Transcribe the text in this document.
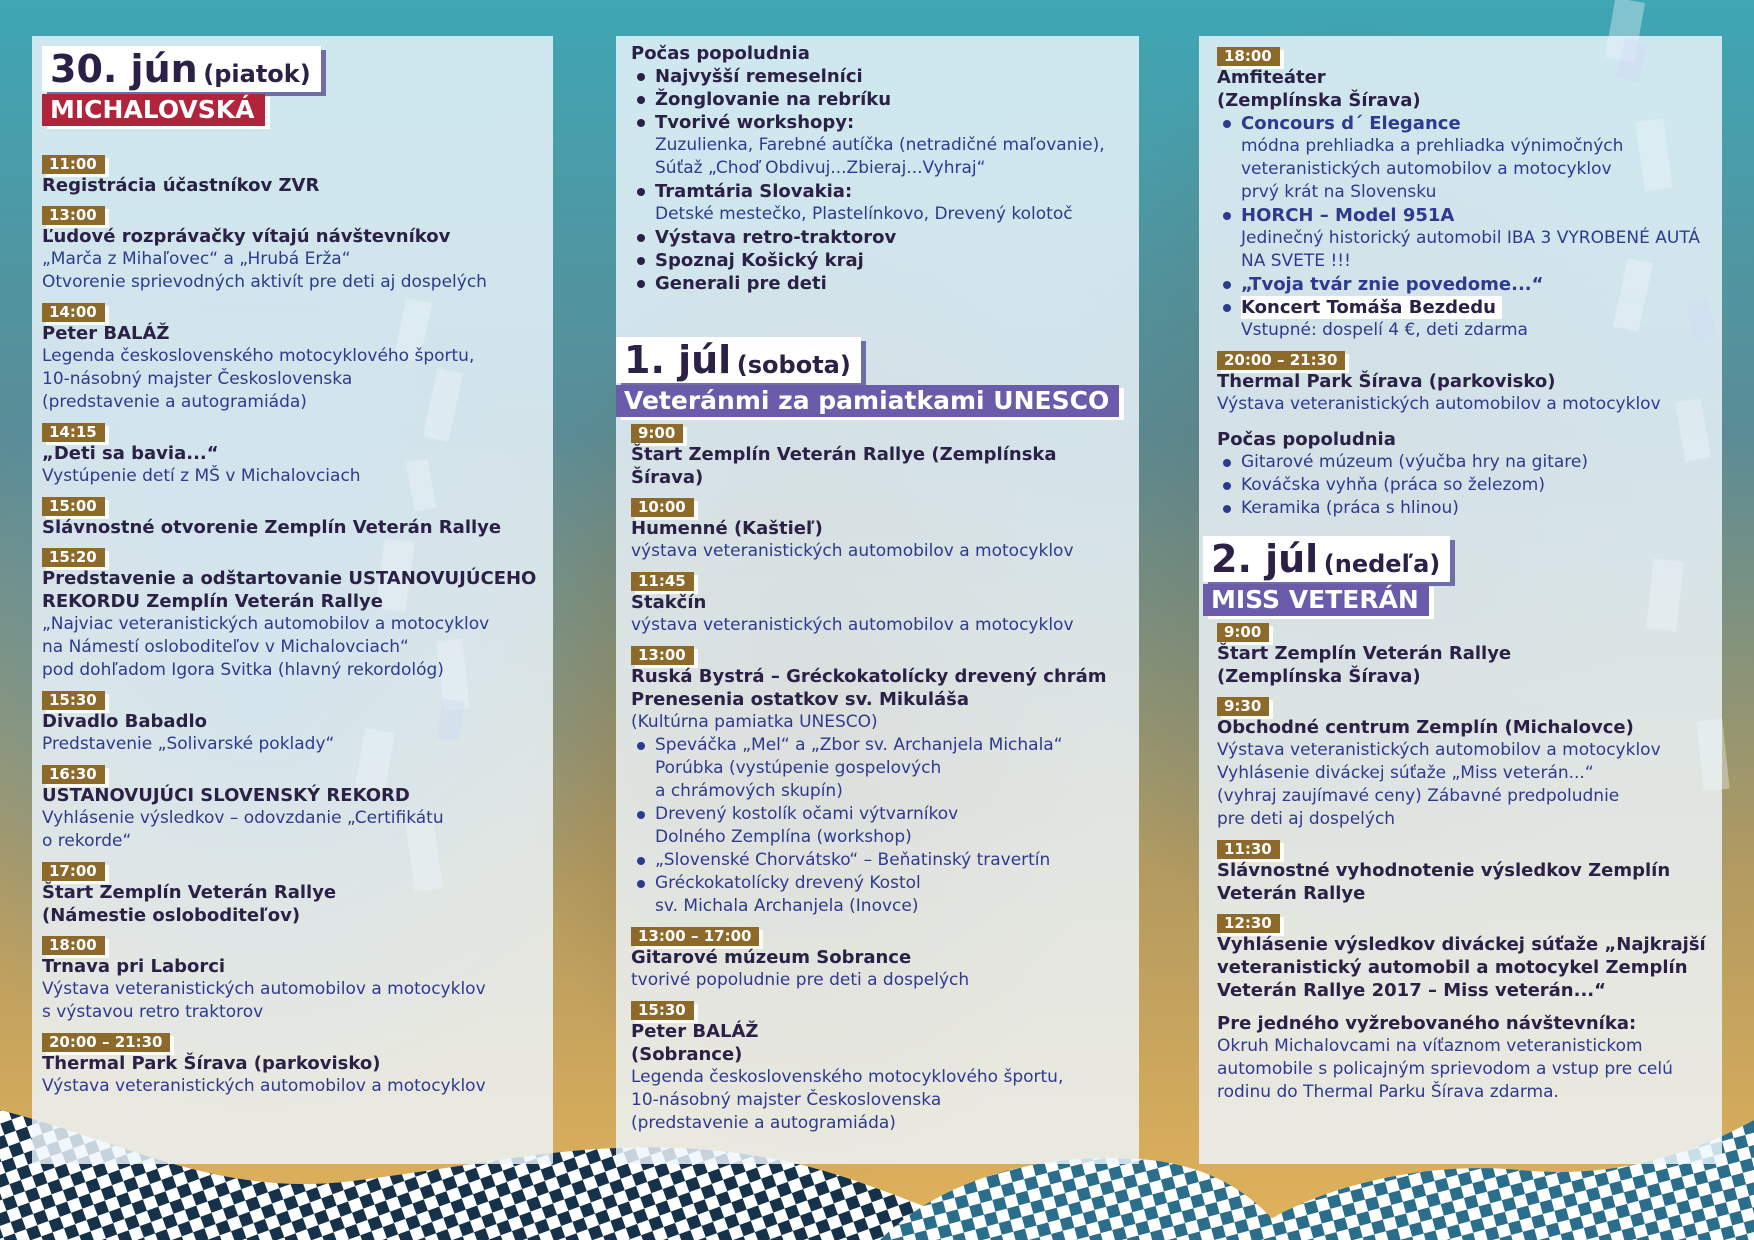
30. jún (piatok)
MICHALOVSKÁ
11:00
Registrácia účastníkov ZVR
13:00
Ľudové rozprávačky vítajú návštevníkov
„Marča z Mihaľovec“ a „Hrubá Erža“
Otvorenie sprievodných aktivít pre deti aj dospelých
14:00
Peter BALÁŽ
Legenda československého motocyklového športu,
10-násobný majster Československa
(predstavenie a autogramiáda)
14:15
„Deti sa bavia...“
Vystúpenie detí z MŠ v Michalovciach
15:00
Slávnostné otvorenie Zemplín Veterán Rallye
15:20
Predstavenie a odštartovanie USTANOVUJÚCEHO
REKORDU Zemplín Veterán Rallye
„Najviac veteranistických automobilov a motocyklov
na Námestí osloboditeľov v Michalovciach“
pod dohľadom Igora Svitka (hlavný rekordológ)
15:30
Divadlo Babadlo
Predstavenie „Solivarské poklady“
16:30
USTANOVUJÚCI SLOVENSKÝ REKORD
Vyhlásenie výsledkov – odovzdanie „Certifikátu
o rekorde“
17:00
Štart Zemplín Veterán Rallye
(Námestie osloboditeľov)
18:00
Trnava pri Laborci
Výstava veteranistických automobilov a motocyklov
s výstavou retro traktorov
20:00 – 21:30
Thermal Park Šírava (parkovisko)
Výstava veteranistických automobilov a motocyklov
Počas popoludnia
Najvyšší remeselníci
Žonglovanie na rebríku
Tvorivé workshopy:
Zuzulienka, Farebné autíčka (netradičné maľovanie),
Súťaž „Choď Obdivuj...Zbieraj...Vyhraj“
Tramtária Slovakia:
Detské mestečko, Plastelínkovo, Drevený kolotoč
Výstava retro-traktorov
Spoznaj Košický kraj
Generali pre deti
1. júl (sobota)
Veteránmi za pamiatkami UNESCO
9:00
Štart Zemplín Veterán Rallye (Zemplínska Šírava)
10:00
Humenné (Kaštieľ)
výstava veteranistických automobilov a motocyklov
11:45
Stakčín
výstava veteranistických automobilov a motocyklov
13:00
Ruská Bystrá – Gréckokatolícky drevený chrám
Prenesenia ostatkov sv. Mikuláša
(Kultúrna pamiatka UNESCO)
Speváčka „Mel“ a „Zbor sv. Archanjela Michala“
Porúbka (vystúpenie gospelových
a chrámových skupín)
Drevený kostolík očami výtvarníkov
Dolného Zemplína (workshop)
„Slovenské Chorvátsko“ – Beňatinský travertín
Gréckokatolícky drevený Kostol
sv. Michala Archanjela (Inovce)
13:00 – 17:00
Gitarové múzeum Sobrance
tvorivé popoludnie pre deti a dospelých
15:30
Peter BALÁŽ
(Sobrance)
Legenda československého motocyklového športu,
10-násobný majster Československa
(predstavenie a autogramiáda)
18:00
Amfiteáter
(Zemplínska Šírava)
Concours d´ Elegance
módna prehliadka a prehliadka výnimočných
veteranistických automobilov a motocyklov
prvý krát na Slovensku
HORCH – Model 951A
Jedinečný historický automobil IBA 3 VYROBENÉ AUTÁ
NA SVETE !!!
„Tvoja tvár znie povedome...“
Koncert Tomáša Bezdedu
Vstupné: dospelí 4 €, deti zdarma
20:00 – 21:30
Thermal Park Šírava (parkovisko)
Výstava veteranistických automobilov a motocyklov
Počas popoludnia
Gitarové múzeum (výučba hry na gitare)
Kováčska vyhňa (práca so železom)
Keramika (práca s hlinou)
2. júl (nedeľa)
MISS VETERÁN
9:00
Štart Zemplín Veterán Rallye
(Zemplínska Šírava)
9:30
Obchodné centrum Zemplín (Michalovce)
Výstava veteranistických automobilov a motocyklov
Vyhlásenie diváckej súťaže „Miss veterán...“
(vyhraj zaujímavé ceny) Zábavné predpoludnie
pre deti aj dospelých
11:30
Slávnostné vyhodnotenie výsledkov Zemplín
Veterán Rallye
12:30
Vyhlásenie výsledkov diváckej súťaže „Najkrajší
veteranistický automobil a motocykel Zemplín
Veterán Rallye 2017 – Miss veterán...“
Pre jedného vyžrebovaného návštevníka:
Okruh Michalovcami na víťaznom veteranistickom
automobile s policajným sprievodom a vstup pre celú
rodinu do Thermal Parku Šírava zdarma.
